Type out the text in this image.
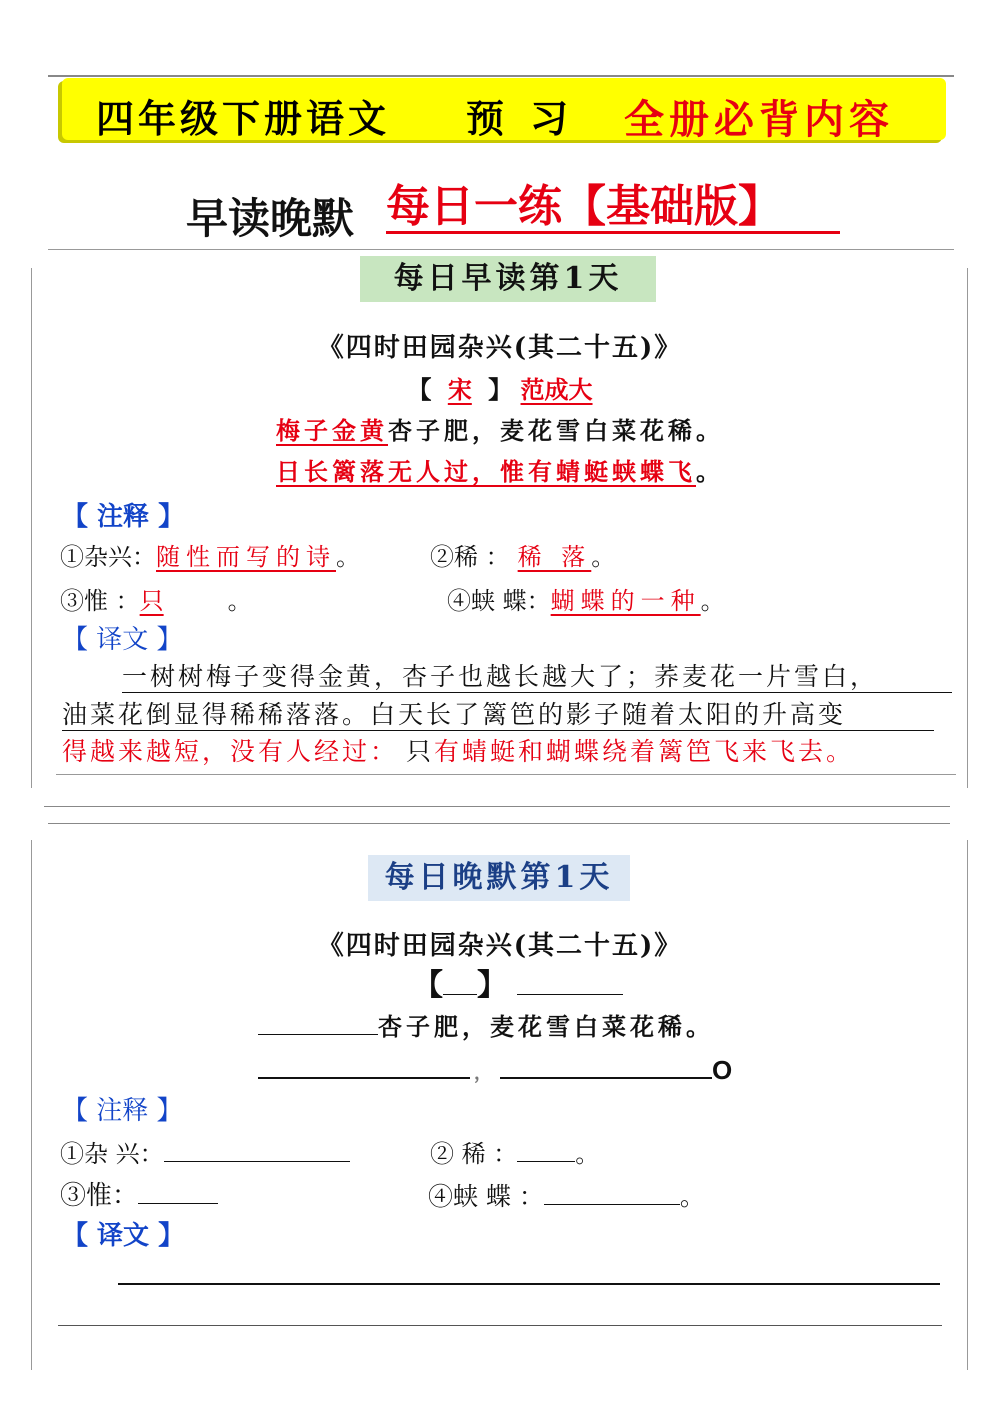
四年级下册语文 预习 全册必背内容
早读晚默 每日一练【基础版】
每日早读第1天
《四时田园杂兴(其二十五)》
【 宋 】 范成大
梅子金黄杏子肥，麦花雪白菜花稀。
日长篱落无人过，惟有蜻蜓蛱蝶飞。
【 注释 】
①杂兴：随性而写的诗。	②稀 ： 稀 落。
③惟 ：只	。	④蛱 蝶：蝴蝶的一种。
【 译文 】
一树树梅子变得金黄，杏子也越长越大了；荞麦花一片雪白，
油菜花倒显得稀稀落落。白天长了篱笆的影子随着太阳的升高变
得越来越短，没有人经过： 只有蜻蜓和蝴蝶绕着篱笆飞来飞去。
每日晚默第1天
《四时田园杂兴(其二十五)》
【 】
杏子肥，麦花雪白菜花稀。
，	O
【 注释 】
①杂 兴：	② 稀 ： 。
③惟：	④蛱 蝶 ：	。
【 译文 】
